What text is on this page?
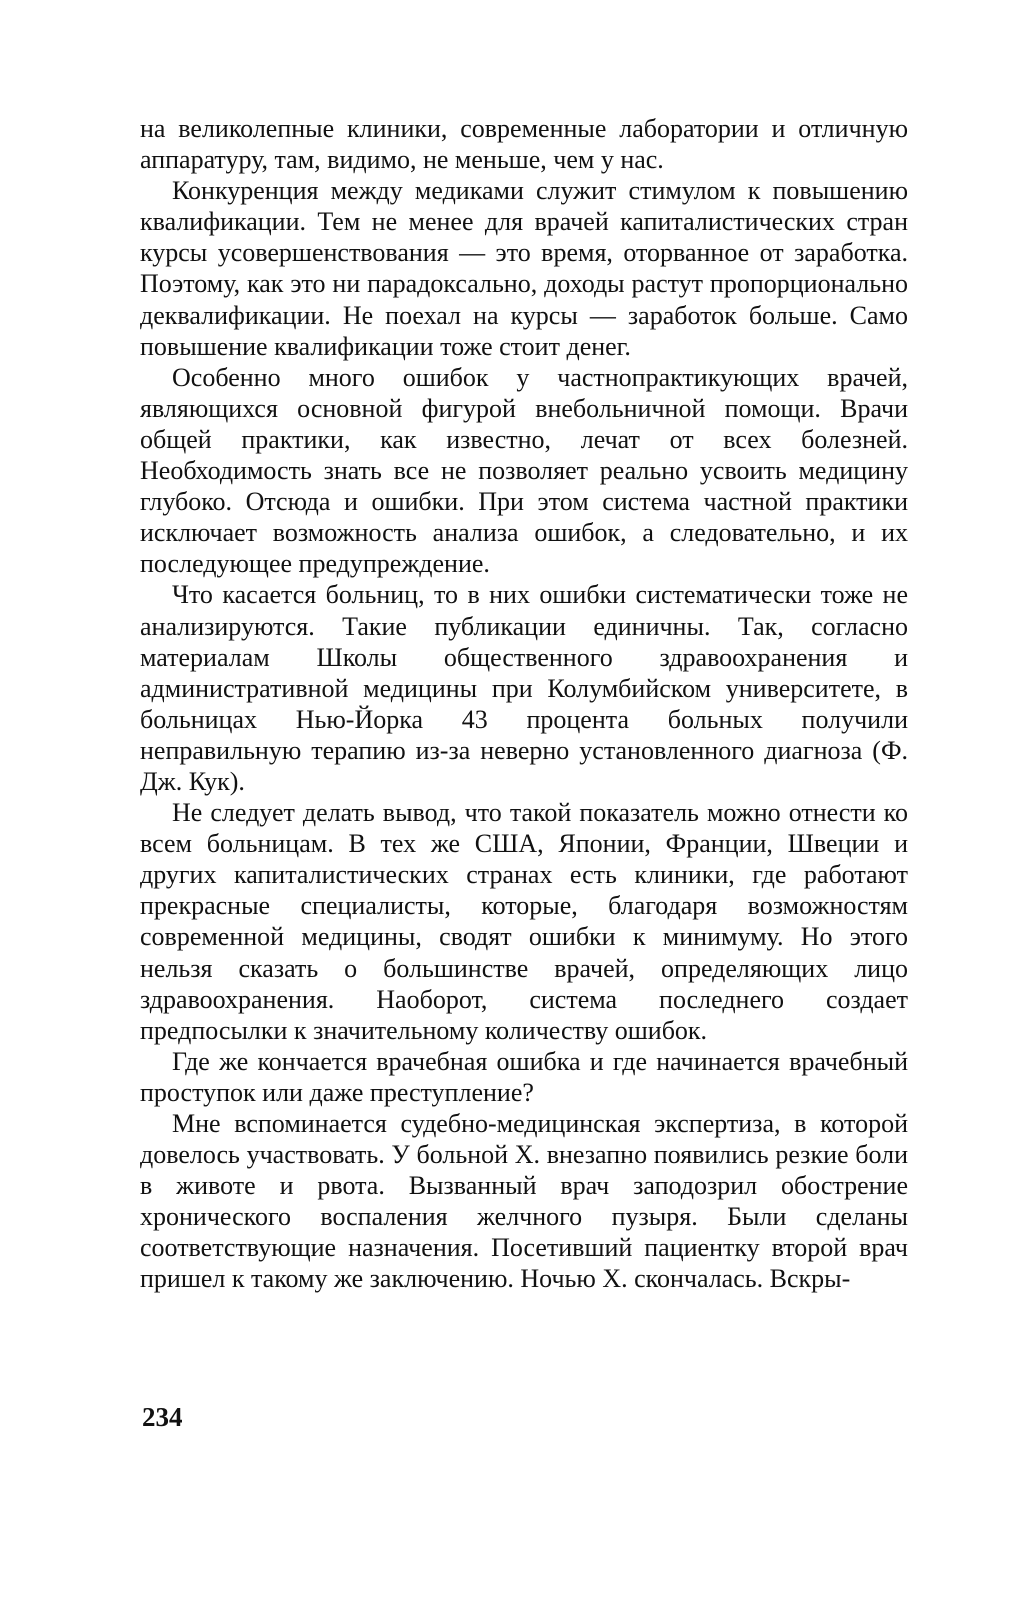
на великолепные клиники, современные лаборатории и отличную аппаратуру, там, видимо, не меньше, чем у нас.

Конкуренция между медиками служит стимулом к повышению квалификации. Тем не менее для врачей капиталистических стран курсы усовершенствования — это время, оторванное от заработка. Поэтому, как это ни парадоксально, доходы растут пропорционально деквалификации. Не поехал на курсы — заработок больше. Само повышение квалификации тоже стоит денег.

Особенно много ошибок у частнопрактикующих врачей, являющихся основной фигурой внебольничной помощи. Врачи общей практики, как известно, лечат от всех болезней. Необходимость знать все не позволяет реально усвоить медицину глубоко. Отсюда и ошибки. При этом система частной практики исключает возможность анализа ошибок, а следовательно, и их последующее предупреждение.

Что касается больниц, то в них ошибки систематически тоже не анализируются. Такие публикации единичны. Так, согласно материалам Школы общественного здравоохранения и административной медицины при Колумбийском университете, в больницах Нью-Йорка 43 процента больных получили неправильную терапию из-за неверно установленного диагноза (Ф. Дж. Кук).

Не следует делать вывод, что такой показатель можно отнести ко всем больницам. В тех же США, Японии, Франции, Швеции и других капиталистических странах есть клиники, где работают прекрасные специалисты, которые, благодаря возможностям современной медицины, сводят ошибки к минимуму. Но этого нельзя сказать о большинстве врачей, определяющих лицо здравоохранения. Наоборот, система последнего создает предпосылки к значительному количеству ошибок.

Где же кончается врачебная ошибка и где начинается врачебный проступок или даже преступление?

Мне вспоминается судебно-медицинская экспертиза, в которой довелось участвовать. У больной Х. внезапно появились резкие боли в животе и рвота. Вызванный врач заподозрил обострение хронического воспаления желчного пузыря. Были сделаны соответствующие назначения. Посетивший пациентку второй врач пришел к такому же заключению. Ночью Х. скончалась. Вскры-

234
